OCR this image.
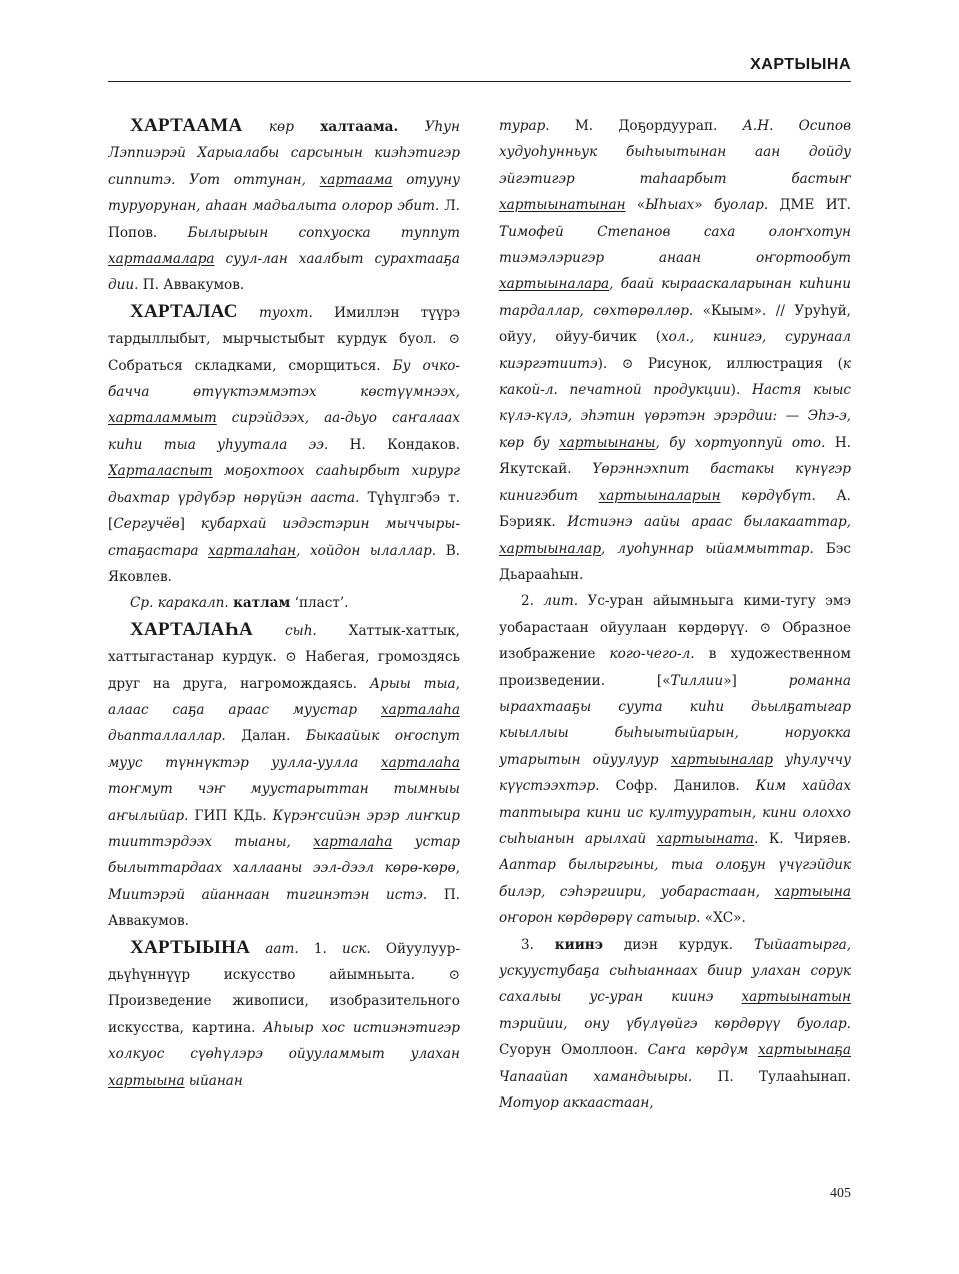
ХАРТЫЫНА

ХАРТААМА көр халтаама. Уһун Лэппиэрэй Харыалабы сарсынын киэһэтигэр сиппитэ. Уот оттунан, хартаама отууну туруорунан, аһаан мадьалыта олорор эбит. Л. Попов. Былырыын сопхуоска туппут хартаамалара суул-лан хаалбыт сурахтааҕа дии. П. Аввакумов.

ХАРТАЛАС туохт. Имиллэн түүрэ тардыллыбыт, мырчыстыбыт курдук буол. ⊙ Собраться складками, сморщиться. Бу очко-бачча өтүүктэммэтэх көстүүмнээх, харталаммыт сирэйдээх, аа-дьуо саҥалаах киһи тыа уһуутала ээ. Н. Кондаков. Харталаспыт моҕохтоох сааһырбыт хирург дьахтар үрдүбэр нөрүйэн aacтa. Түһүлгэбэ т. [Сергучёв] кубархай иэдэстэрин мыччырыстаҕастара харталаһан, хойдон ылаллар. В. Яковлев.

Ср. каракалп. катлам ‘пласт’.

ХАРТАЛАҺА сыһ. Хаттык-хаттык, хаттыгастанар курдук. ⊙ Набегая, громоздясь друг на друга, нагромождаясь. Арыы тыа, алаас саҕа араас муустар харталаһа дьапталлаллар. Далан. Быкаайык оҥоспут муус түннүктэр уулла-уулла харталаһа тоҥмут чэҥ муустарыттан тымныы аҥылыйар. ГИП КДь. Күрэҥсийэн эрэр лиҥкир тииттэрдээх тыаны, харталаһа устар былыттардаах халлааны ээл-дээл көрө-көрө, Миитэрэй айаннаан тигинэтэн истэ. П. Аввакумов.

ХАРТЫЫНА аат. 1. иск. Ойуулуур-дьүһүннүүр искусство айымньыта. ⊙ Произведение живописи, изобразительного искусства, картина. Аһыыр хос истиэнэтигэр холкуос сүөһүлэрэ ойууламмыт улахан хартыына ыйанан

турар. М. Доҕордуурап. А.Н. Осипов худуоһунньук быһыытынан аан дойду эйгэтигэр таһаарбыт бастыҥ хартыынатынан «Ыһыах» буолар. ДМЕ ИТ. Тимофей Степанов саха олоҥхотун тиэмэлэригэр анаан оҥортообут хартыыналара, баай кырааскаларынан киһини тардаллар, сөхтөрөллөр. «Кыым». // Уруһуй, ойуу, ойуу-бичик (хол., кинигэ, сурунаал киэргэтиитэ). ⊙ Рисунок, иллюстрация (к какой-л. печатной продукции). Настя кыыс күлэ-күлэ, эһэтин үөрэтэн эрэрдии: — Эһэ-э, көр бу хартыынаны, бу хортуоппуй ото. Н. Якутскай. Үөрэннэхпит бастакы күнүгэр кинигэбит хартыыналарын көрдүбүт. А. Бэрияк. Истиэнэ аайы араас былакааттар, хартыыналар, луоһуннар ыйаммыттар. Бэс Дьарааһын.

2. лит. Ус-уран айымньыга кими-тугу эмэ уобарастаан ойуулаан көрдөрүү. ⊙ Образное изображение кого-чего-л. в художественном произведении. [«Тиллии»] романна ыраахтааҕы суута киһи дьылҕатыгар кыыллыы быһыытыйарын, норуокка утарытын ойуулуур хартыыналар уһулуччу күүстээхтэр. Софр. Данилов. Ким хайдах таптыыра кини ис култууратын, кини олоххо сыһыанын арылхай хартыыната. К. Чиряев. Ааптар былыргыны, тыа олоҕун үчүгэйдик билэр, сэһэргиири, уобарастаан, хартыына оҥорон көрдөрөрү сатыыр. «ХС».

3. киинэ диэн курдук. Тыйаатырга, ускуустубаҕа сыһыаннаах биир улахан сорук сахалыы ус-уран киинэ хартыынатын тэрийии, ону үбүлүөйгэ көрдөрүү буолар. Суорун Омоллоон. Саҥа көрдүм хартыынаҕа Чапаайап хамандыыры. П. Тулааһынап. Мотуор аккаастаан,

405
